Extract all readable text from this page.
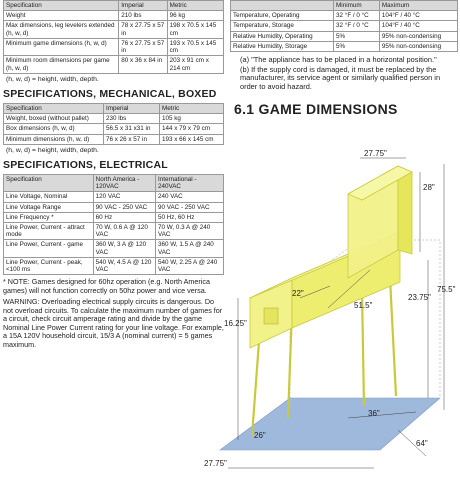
Specification	Imperial	Metric
Weight	210 lbs	96 kg
Max dimensions, leg levelers extended (h, w, d)	78 x 27.75 x 57 in	198 x 70.5 x 145 cm
Minimum game dimensions (h, w, d)	76 x 27.75 x 57 in	193 x 70.5 x 145 cm
Minimum room dimensions per game (h, w, d)	80 x 36 x 84 in	203 x 91 cm x 214 cm
(h, w, d) = height, width, depth.
SPECIFICATIONS, MECHANICAL, BOXED
Specification	Imperial	Metric
Weight, boxed (without pallet)	230 lbs	105 kg
Box dimensions (h, w, d)	56.5 x 31 x31 in	144 x 79 x 79 cm
Minimum dimensions (h, w, d)	76 x 26 x 57 in	193 x 66 x 145 cm
(h, w, d) = height, width, depth.
SPECIFICATIONS, ELECTRICAL
Specification	North America - 120VAC	International - 240VAC
Line Voltage, Nominal	120 VAC	240 VAC
Line Voltage Range	90 VAC - 250 VAC	90 VAC - 250 VAC
Line Frequency *	60 Hz	50 Hz, 60 Hz
Line Power, Current - attract mode	70 W, 0.6 A @ 120 VAC	70 W, 0.3 A @ 240 VAC
Line Power, Current - game	360 W, 3 A @ 120 VAC	360 W, 1.5 A @ 240 VAC
Line Power, Current - peak, <100 ms	540 W, 4.5 A @ 120 VAC	540 W, 2.25 A @ 240 VAC

* NOTE: Games designed for 60hz operation (e.g. North America games) will not function correctly on 50hz power and vice versa.

WARNING: Overloading electrical supply circuits is dangerous. Do not overload circuits. To calculate the maximum number of games for a circuit, check circuit amperage rating and divide by the game Nominal Line Power Current rating for your line voltage. For example, a 15A 120V household circuit, 15/3 A (nominal current) = 5 games maximum.

	Minimum	Maximum
Temperature, Operating	32 °F / 0 °C	104°F / 40 °C
Temperature, Storage	32 °F / 0 °C	104°F / 40 °C
Relative Humidity, Operating	5%	95% non-condensing
Relative Humidity, Storage	5%	95% non-condensing
(a) "The appliance has to be placed in a horizontal position."
(b) If the supply cord is damaged, it must be replaced by the manufacturer, its service agent or similarly qualified person in order to avoid hazard.
6.1 GAME DIMENSIONS
27.75"
28"
75.5"
23.75"
16.25"
22"
51.5"
36"
64"
26"
27.75"
